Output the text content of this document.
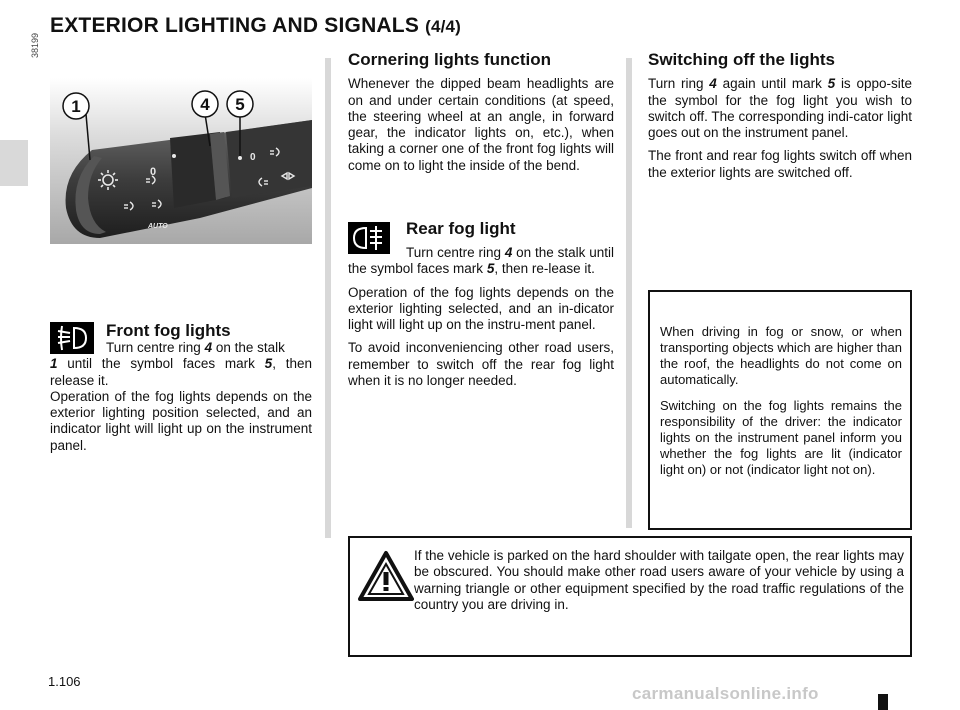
EXTERIOR LIGHTING AND SIGNALS (4/4)
38199
0
0
AUTO
1	4 5
Front fog lights

Turn centre ring 4 on the stalk

1 until the symbol faces mark 5, then release it.

Operation of the fog lights depends on the exterior lighting position selected, and an indicator light will light up on the instrument panel.

Cornering lights function

Whenever the dipped beam headlights are on and under certain conditions (at speed, the steering wheel at an angle, in forward gear, the indicator lights on, etc.), when taking a corner one of the front fog lights will come on to light the inside of the bend.

Rear fog light

Turn centre ring 4 on the stalk until the symbol faces mark 5, then re-lease it.

Operation of the fog lights depends on the exterior lighting selected, and an in-dicator light will light up on the instru-ment panel.

To avoid inconveniencing other road users, remember to switch off the rear fog light when it is no longer needed.

Switching off the lights

Turn ring 4 again until mark 5 is oppo-site the symbol for the fog light you wish to switch off. The corresponding indi-cator light goes out on the instrument panel.

The front and rear fog lights switch off when the exterior lights are switched off.

When driving in fog or snow, or when transporting objects which are higher than the roof, the headlights do not come on automatically.

Switching on the fog lights remains the responsibility of the driver: the indicator lights on the instrument panel inform you whether the fog lights are lit (indicator light on) or not (indicator light not on).

If the vehicle is parked on the hard shoulder with tailgate open, the rear lights may be obscured. You should make other road users aware of your vehicle by using a warning triangle or other equipment specified by the road traffic regulations of the country you are driving in.

1.106
carmanualsonline.info
